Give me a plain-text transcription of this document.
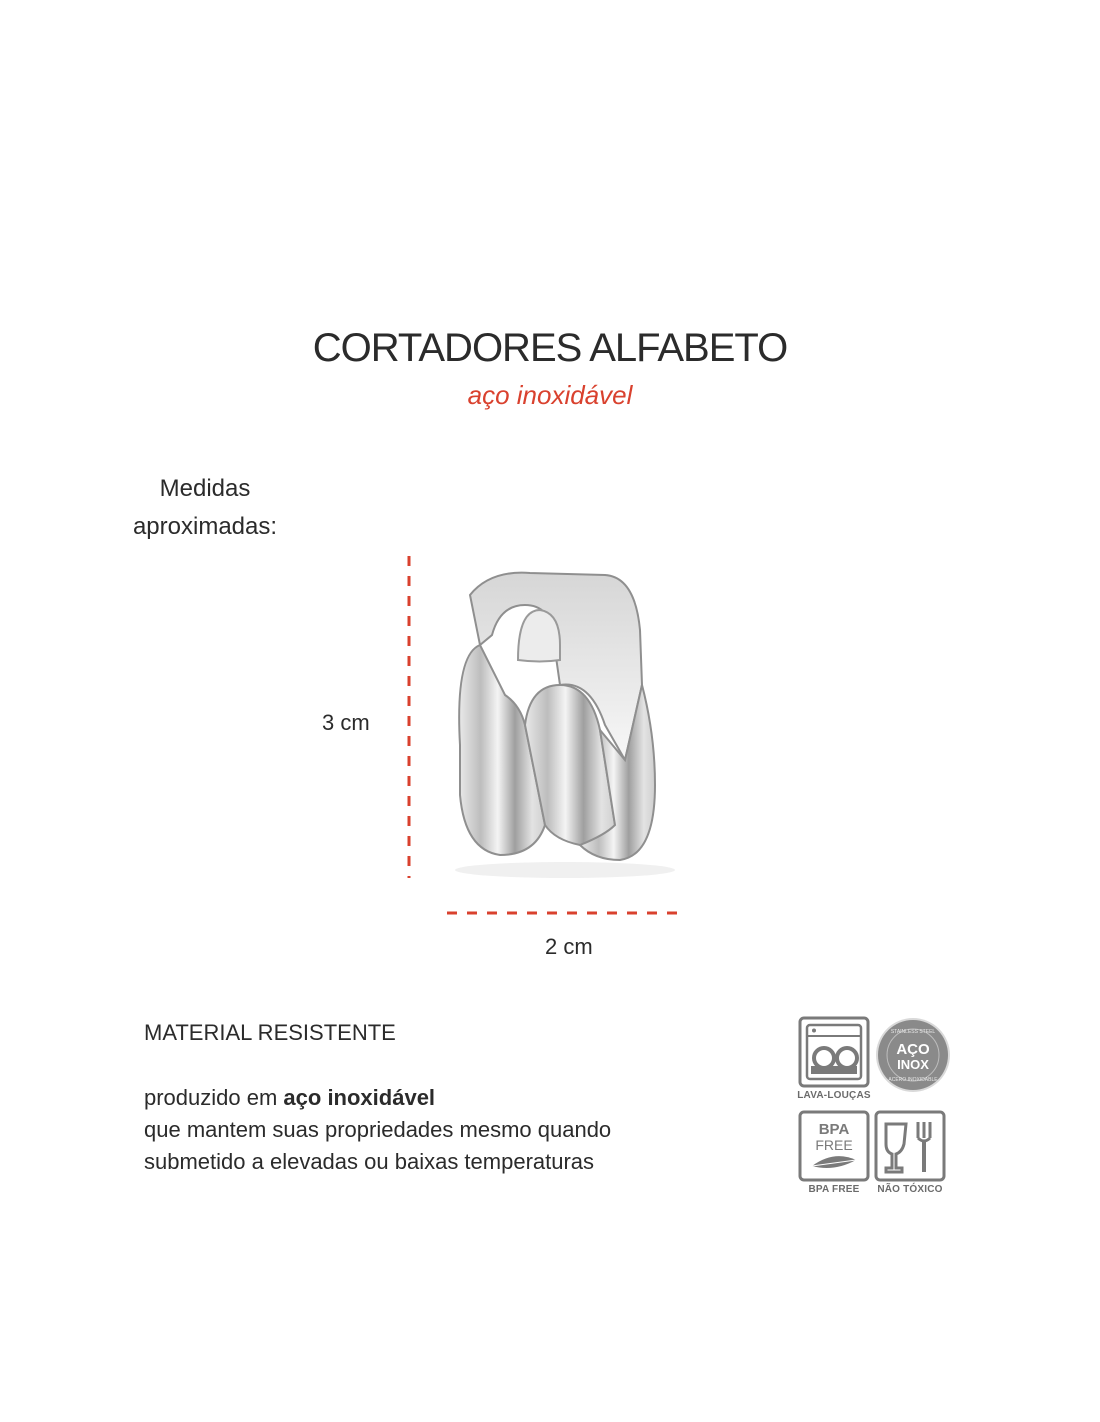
CORTADORES ALFABETO
aço inoxidável
Medidas
aproximadas:
3 cm
2 cm
MATERIAL RESISTENTE
produzido em aço inoxidável
que mantem suas propriedades mesmo quando
submetido a elevadas ou baixas temperaturas
LAVA-LOUÇAS
AÇO
INOX
STAINLESS STEEL
ACERO INOXIDABLE
BPA
FREE
BPA FREE	NÃO TÓXICO
